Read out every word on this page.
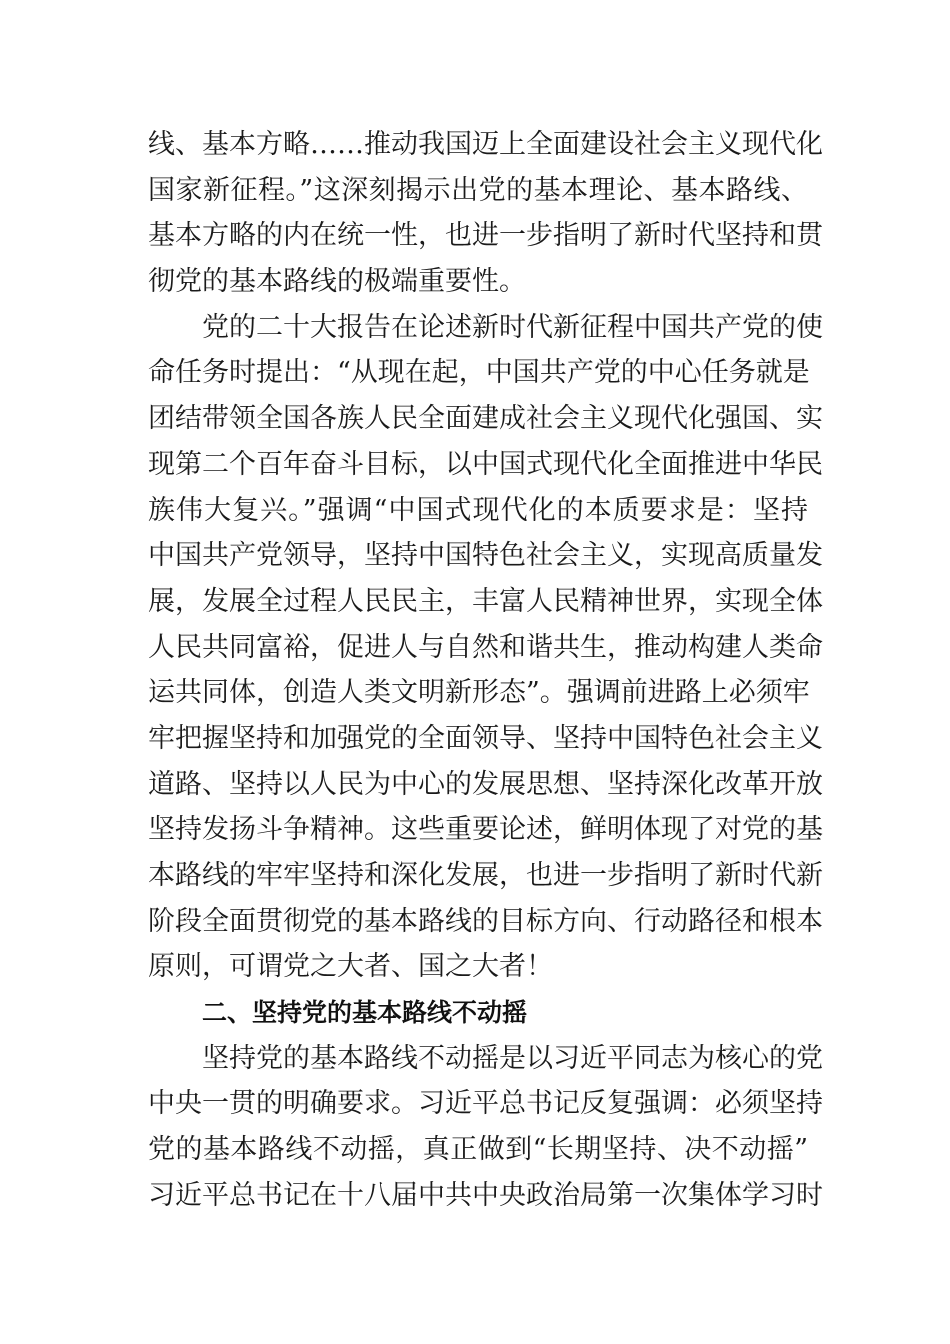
线、基本方略……推动我国迈上全面建设社会主义现代化
国家新征程。”这深刻揭示出党的基本理论、基本路线、
基本方略的内在统一性，也进一步指明了新时代坚持和贯
彻党的基本路线的极端重要性。
党的二十大报告在论述新时代新征程中国共产党的使
命任务时提出：“从现在起，中国共产党的中心任务就是
团结带领全国各族人民全面建成社会主义现代化强国、实
现第二个百年奋斗目标，以中国式现代化全面推进中华民
族伟大复兴。”强调“中国式现代化的本质要求是：坚持
中国共产党领导，坚持中国特色社会主义，实现高质量发
展，发展全过程人民民主，丰富人民精神世界，实现全体
人民共同富裕，促进人与自然和谐共生，推动构建人类命
运共同体，创造人类文明新形态”。强调前进路上必须牢
牢把握坚持和加强党的全面领导、坚持中国特色社会主义
道路、坚持以人民为中心的发展思想、坚持深化改革开放
坚持发扬斗争精神。这些重要论述，鲜明体现了对党的基
本路线的牢牢坚持和深化发展，也进一步指明了新时代新
阶段全面贯彻党的基本路线的目标方向、行动路径和根本
原则，可谓党之大者、国之大者！
二、坚持党的基本路线不动摇
坚持党的基本路线不动摇是以习近平同志为核心的党
中央一贯的明确要求。习近平总书记反复强调：必须坚持
党的基本路线不动摇，真正做到“长期坚持、决不动摇”
习近平总书记在十八届中共中央政治局第一次集体学习时
